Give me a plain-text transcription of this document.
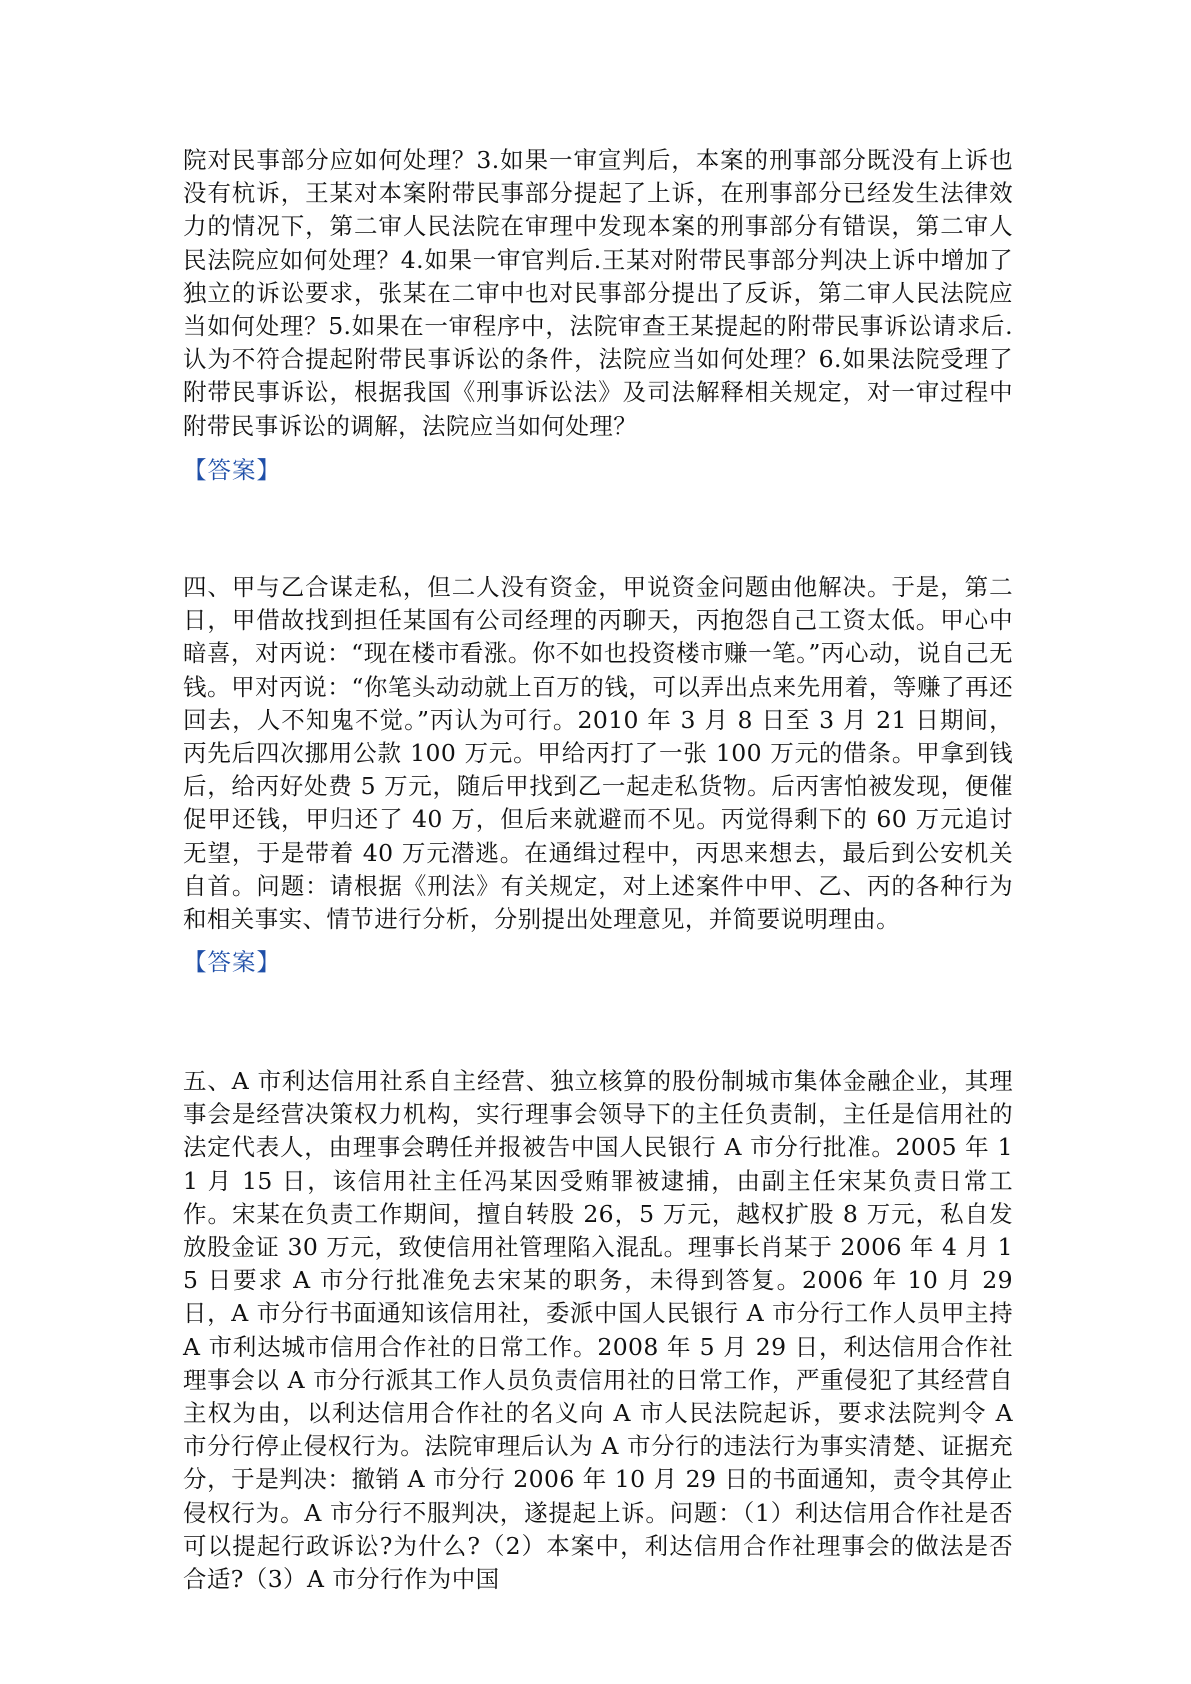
院对民事部分应如何处理？3.如果一审宣判后，本案的刑事部分既没有上诉也没有杭诉，王某对本案附带民事部分提起了上诉，在刑事部分已经发生法律效力的情况下，第二审人民法院在审理中发现本案的刑事部分有错误，第二审人民法院应如何处理？4.如果一审官判后.王某对附带民事部分判决上诉中增加了独立的诉讼要求，张某在二审中也对民事部分提出了反诉，第二审人民法院应当如何处理？5.如果在一审程序中，法院审查王某提起的附带民事诉讼请求后.认为不符合提起附带民事诉讼的条件，法院应当如何处理？6.如果法院受理了附带民事诉讼，根据我国《刑事诉讼法》及司法解释相关规定，对一审过程中附带民事诉讼的调解，法院应当如何处理？
【答案】
四、甲与乙合谋走私，但二人没有资金，甲说资金问题由他解决。于是，第二日，甲借故找到担任某国有公司经理的丙聊天，丙抱怨自己工资太低。甲心中暗喜，对丙说：“现在楼市看涨。你不如也投资楼市赚一笔。”丙心动，说自己无钱。甲对丙说：“你笔头动动就上百万的钱，可以弄出点来先用着，等赚了再还回去，人不知鬼不觉。”丙认为可行。2010 年 3 月 8 日至 3 月 21 日期间，丙先后四次挪用公款 100 万元。甲给丙打了一张 100 万元的借条。甲拿到钱后，给丙好处费 5 万元，随后甲找到乙一起走私货物。后丙害怕被发现，便催促甲还钱，甲归还了 40 万，但后来就避而不见。丙觉得剩下的 60 万元追讨无望，于是带着 40 万元潜逃。在通缉过程中，丙思来想去，最后到公安机关自首。问题：请根据《刑法》有关规定，对上述案件中甲、乙、丙的各种行为和相关事实、情节进行分析，分别提出处理意见，并简要说明理由。
【答案】
五、A 市利达信用社系自主经营、独立核算的股份制城市集体金融企业，其理事会是经营决策权力机构，实行理事会领导下的主任负责制，主任是信用社的法定代表人，由理事会聘任并报被告中国人民银行 A 市分行批准。2005 年 11 月 15 日，该信用社主任冯某因受贿罪被逮捕，由副主任宋某负责日常工作。宋某在负责工作期间，擅自转股 26，5 万元，越权扩股 8 万元，私自发放股金证 30 万元，致使信用社管理陷入混乱。理事长肖某于 2006 年 4 月 15 日要求 A 市分行批准免去宋某的职务，未得到答复。2006 年 10 月 29 日，A 市分行书面通知该信用社，委派中国人民银行 A 市分行工作人员甲主持 A 市利达城市信用合作社的日常工作。2008 年 5 月 29 日，利达信用合作社理事会以 A 市分行派其工作人员负责信用社的日常工作，严重侵犯了其经营自主权为由，以利达信用合作社的名义向 A 市人民法院起诉，要求法院判令 A 市分行停止侵权行为。法院审理后认为 A 市分行的违法行为事实清楚、证据充分，于是判决：撤销 A 市分行 2006 年 10 月 29 日的书面通知，责令其停止侵权行为。A 市分行不服判决，遂提起上诉。问题：（1）利达信用合作社是否可以提起行政诉讼?为什么?（2）本案中，利达信用合作社理事会的做法是否合适?（3）A 市分行作为中国
